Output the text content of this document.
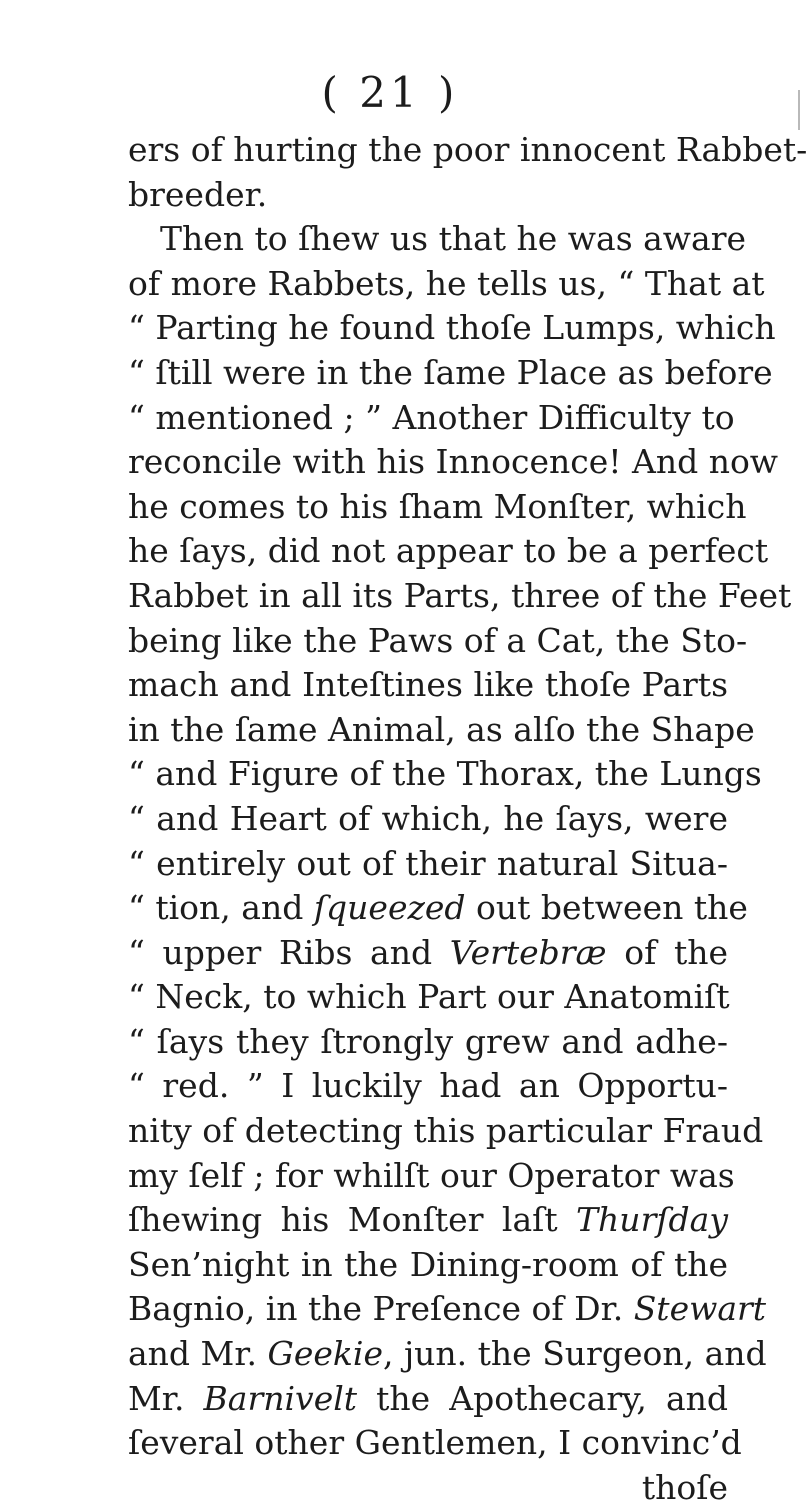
( 21 )
ers of hurting the poor innocent Rabbet-
breeder.
Then to ſhew us that he was aware
of more Rabbets, he tells us, “ That at
“ Parting he found thoſe Lumps, which
“ ſtill were in the ſame Place as before
“ mentioned ; ” Another Difficulty to
reconcile with his Innocence! And now
he comes to his ſham Monſter, which
he ſays, did not appear to be a perfect
Rabbet in all its Parts, three of the Feet
being like the Paws of a Cat, the Sto-
mach and Inteſtines like thoſe Parts
in the ſame Animal, as alſo the Shape
“ and Figure of the Thorax, the Lungs
“ and Heart of which, he ſays, were
“ entirely out of their natural Situa-
“ tion, and ſqueezed out between the
“ upper Ribs and Vertebræ of the
“ Neck, to which Part our Anatomiſt
“ ſays they ſtrongly grew and adhe-
“ red. ” I luckily had an Opportu-
nity of detecting this particular Fraud
my ſelf ; for whilſt our Operator was
ſhewing his Monſter laſt Thurſday
Sen’night in the Dining-room of the
Bagnio, in the Preſence of Dr. Stewart
and Mr. Geekie, jun. the Surgeon, and
Mr. Barnivelt the Apothecary, and
ſeveral other Gentlemen, I convinc’d
thoſe
